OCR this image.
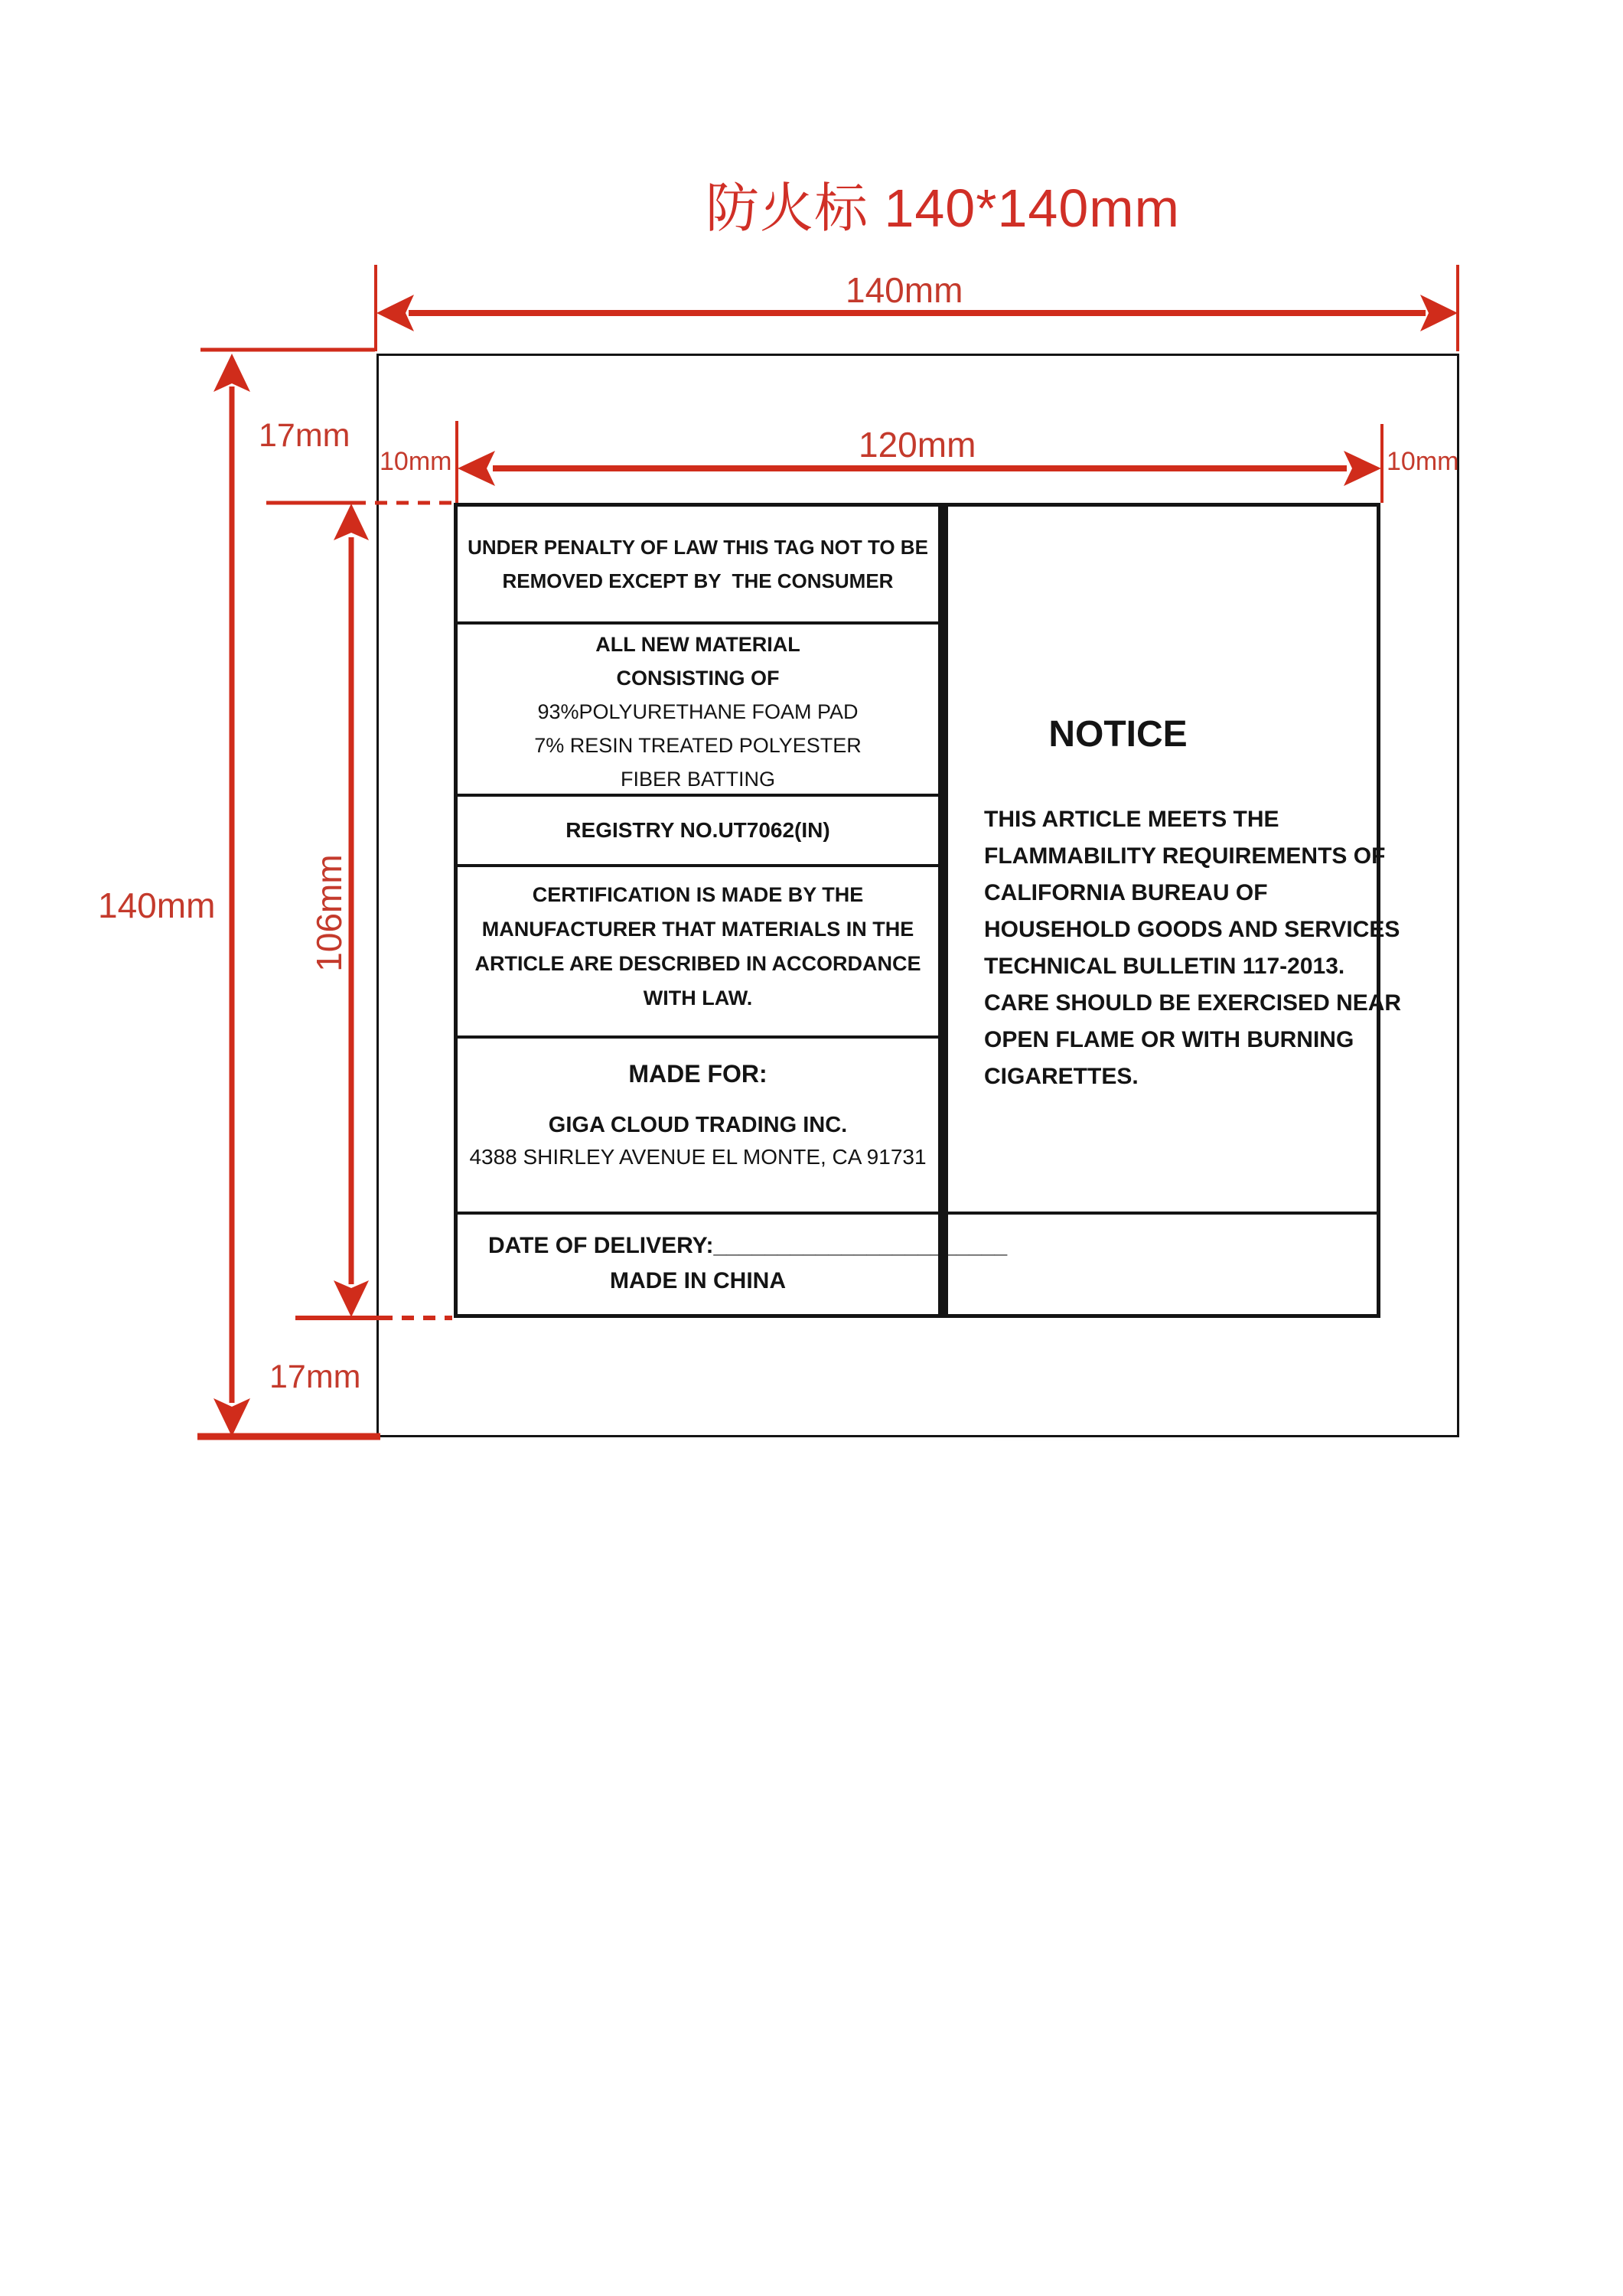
防火标 140*140mm
UNDER PENALTY OF LAW THIS TAG NOT TO BE
REMOVED EXCEPT BY  THE CONSUMER
ALL NEW MATERIAL
CONSISTING OF
93%POLYURETHANE FOAM PAD
7% RESIN TREATED POLYESTER
FIBER BATTING
REGISTRY NO.UT7062(IN)
CERTIFICATION IS MADE BY THE
MANUFACTURER THAT MATERIALS IN THE
ARTICLE ARE DESCRIBED IN ACCORDANCE
WITH LAW.
MADE FOR:
GIGA CLOUD TRADING INC.
4388 SHIRLEY AVENUE EL MONTE, CA 91731
DATE OF DELIVERY:_______________________
MADE IN CHINA
NOTICE
THIS ARTICLE MEETS THE
FLAMMABILITY REQUIREMENTS OF
CALIFORNIA BUREAU OF
HOUSEHOLD GOODS AND SERVICES
TECHNICAL BULLETIN 117-2013.
CARE SHOULD BE EXERCISED NEAR
OPEN FLAME OR WITH BURNING
CIGARETTES.
140mm
120mm
10mm	10mm
17mm
17mm
140mm	106mm
